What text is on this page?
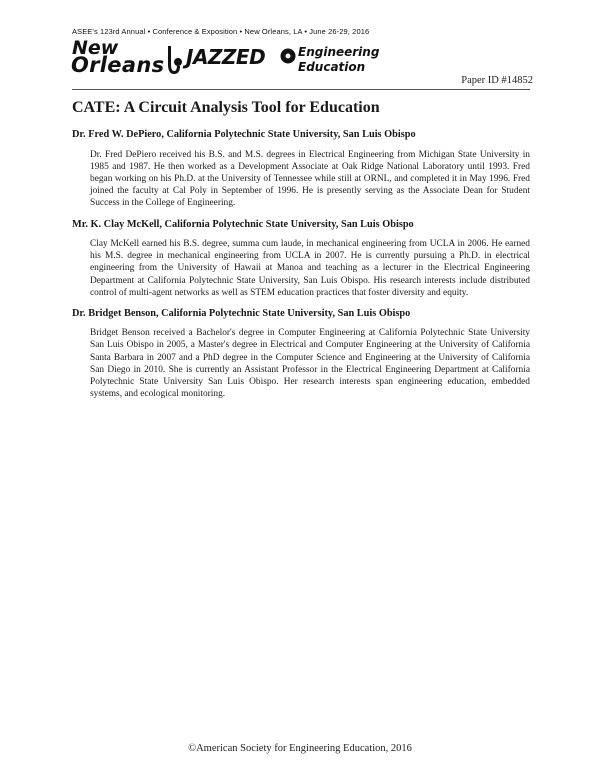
ASEE's 123rd Annual • Conference & Exposition • New Orleans, LA • June 26-29, 2016
New
Orleans JAZZED	Engineering
Education
Paper ID #14852
CATE: A Circuit Analysis Tool for Education
Dr. Fred W. DePiero, California Polytechnic State University, San Luis Obispo
Dr. Fred DePiero received his B.S. and M.S. degrees in Electrical Engineering from Michigan State University in 1985 and 1987. He then worked as a Development Associate at Oak Ridge National Laboratory until 1993. Fred began working on his Ph.D. at the University of Tennessee while still at ORNL, and completed it in May 1996. Fred joined the faculty at Cal Poly in September of 1996. He is presently serving as the Associate Dean for Student Success in the College of Engineering.
Mr. K. Clay McKell, California Polytechnic State University, San Luis Obispo
Clay McKell earned his B.S. degree, summa cum laude, in mechanical engineering from UCLA in 2006. He earned his M.S. degree in mechanical engineering from UCLA in 2007. He is currently pursuing a Ph.D. in electrical engineering from the University of Hawaii at Manoa and teaching as a lecturer in the Electrical Engineering Department at California Polytechnic State University, San Luis Obispo. His research interests include distributed control of multi-agent networks as well as STEM education practices that foster diversity and equity.
Dr. Bridget Benson, California Polytechnic State University, San Luis Obispo
Bridget Benson received a Bachelor's degree in Computer Engineering at California Polytechnic State University San Luis Obispo in 2005, a Master's degree in Electrical and Computer Engineering at the University of California Santa Barbara in 2007 and a PhD degree in the Computer Science and Engineering at the University of California San Diego in 2010. She is currently an Assistant Professor in the Electrical Engineering Department at California Polytechnic State University San Luis Obispo. Her research interests span engineering education, embedded systems, and ecological monitoring.
©American Society for Engineering Education, 2016
